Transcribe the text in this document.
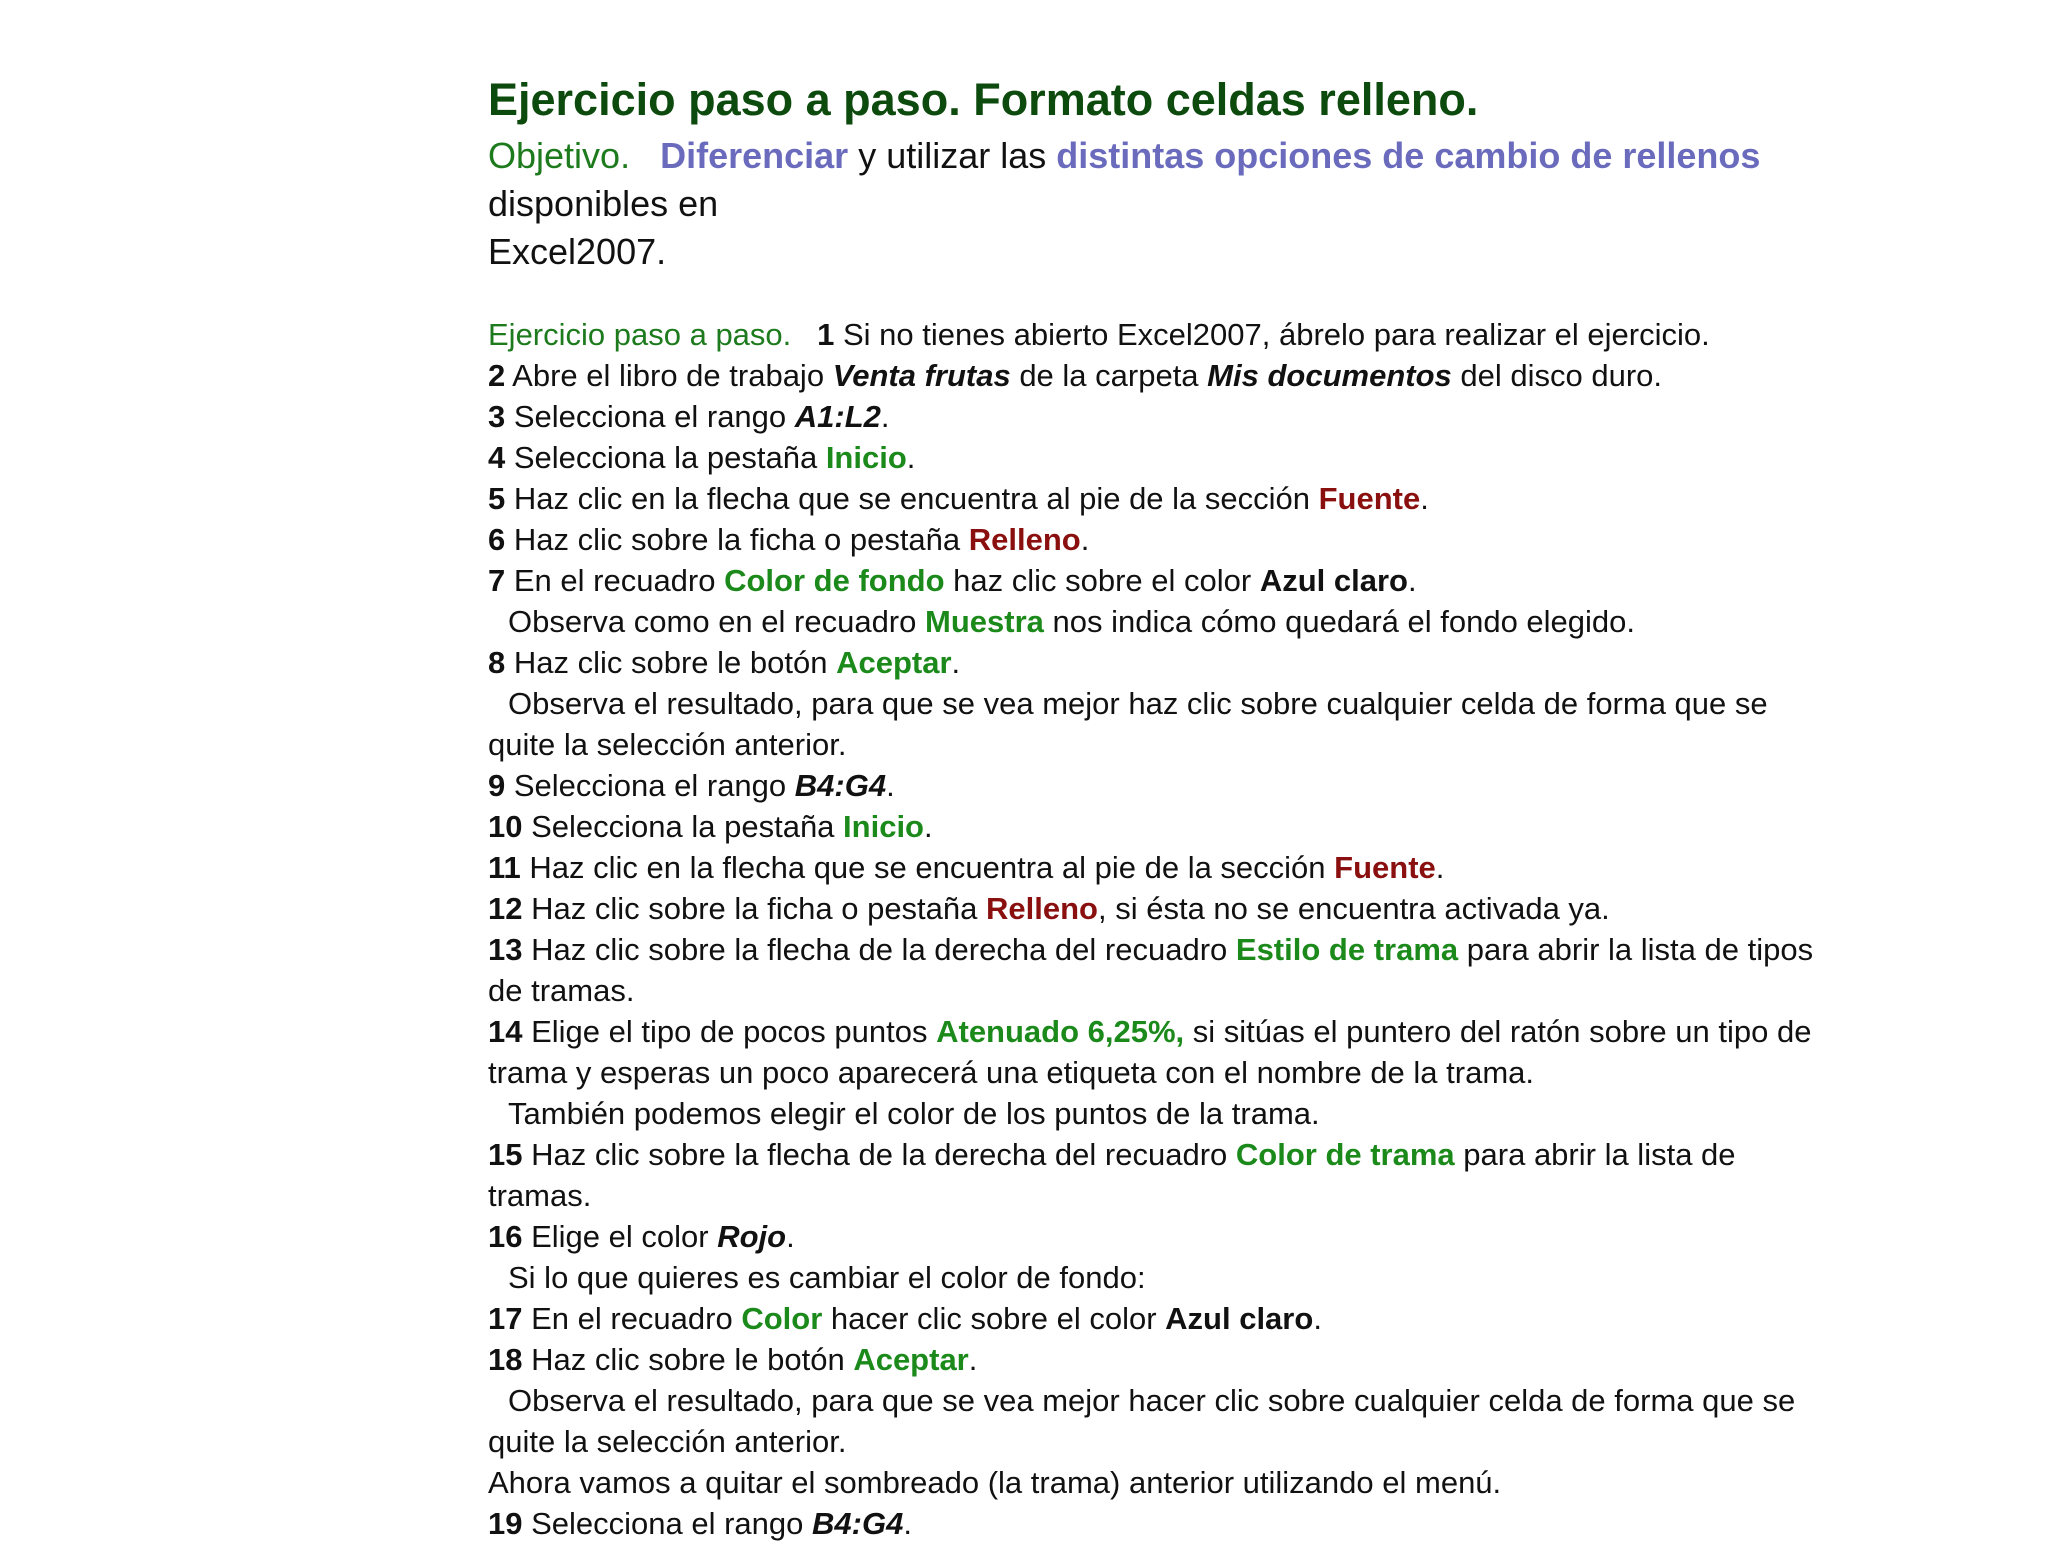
Ejercicio paso a paso. Formato celdas relleno.
Objetivo. Diferenciar y utilizar las distintas opciones de cambio de rellenos
disponibles en
Excel2007.
Ejercicio paso a paso. 1 Si no tienes abierto Excel2007, ábrelo para realizar el ejercicio.
2 Abre el libro de trabajo Venta frutas de la carpeta Mis documentos del disco duro.
3 Selecciona el rango A1:L2.
4 Selecciona la pestaña Inicio.
5 Haz clic en la flecha que se encuentra al pie de la sección Fuente.
6 Haz clic sobre la ficha o pestaña Relleno.
7 En el recuadro Color de fondo haz clic sobre el color Azul claro.
Observa como en el recuadro Muestra nos indica cómo quedará el fondo elegido.
8 Haz clic sobre le botón Aceptar.
Observa el resultado, para que se vea mejor haz clic sobre cualquier celda de forma que se
quite la selección anterior.
9 Selecciona el rango B4:G4.
10 Selecciona la pestaña Inicio.
11 Haz clic en la flecha que se encuentra al pie de la sección Fuente.
12 Haz clic sobre la ficha o pestaña Relleno, si ésta no se encuentra activada ya.
13 Haz clic sobre la flecha de la derecha del recuadro Estilo de trama para abrir la lista de tipos
de tramas.
14 Elige el tipo de pocos puntos Atenuado 6,25%, si sitúas el puntero del ratón sobre un tipo de
trama y esperas un poco aparecerá una etiqueta con el nombre de la trama.
También podemos elegir el color de los puntos de la trama.
15 Haz clic sobre la flecha de la derecha del recuadro Color de trama para abrir la lista de
tramas.
16 Elige el color Rojo.
Si lo que quieres es cambiar el color de fondo:
17 En el recuadro Color hacer clic sobre el color Azul claro.
18 Haz clic sobre le botón Aceptar.
Observa el resultado, para que se vea mejor hacer clic sobre cualquier celda de forma que se
quite la selección anterior.
Ahora vamos a quitar el sombreado (la trama) anterior utilizando el menú.
19 Selecciona el rango B4:G4.
